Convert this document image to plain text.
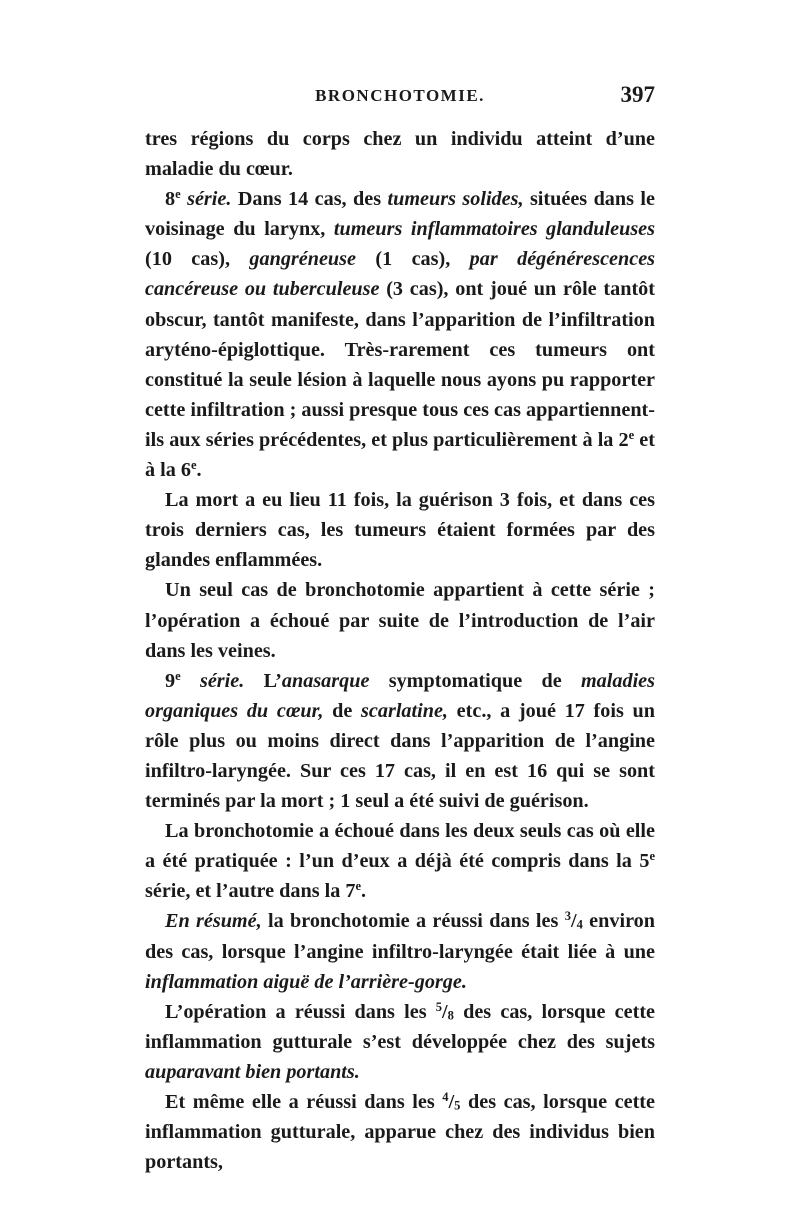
BRONCHOTOMIE.	397

tres régions du corps chez un individu atteint d’une maladie du cœur.

8e série. Dans 14 cas, des tumeurs solides, situées dans le voisinage du larynx, tumeurs inflammatoires glanduleuses (10 cas), gangréneuse (1 cas), par dégénérescences cancéreuse ou tuberculeuse (3 cas), ont joué un rôle tantôt obscur, tantôt manifeste, dans l’apparition de l’infiltration aryténo-épiglottique. Très-rarement ces tumeurs ont constitué la seule lésion à laquelle nous ayons pu rapporter cette infiltration ; aussi presque tous ces cas appartiennent-ils aux séries précédentes, et plus particulièrement à la 2e et à la 6e.

La mort a eu lieu 11 fois, la guérison 3 fois, et dans ces trois derniers cas, les tumeurs étaient formées par des glandes enflammées.

Un seul cas de bronchotomie appartient à cette série ; l’opération a échoué par suite de l’introduction de l’air dans les veines.

9e série. L’anasarque symptomatique de maladies organiques du cœur, de scarlatine, etc., a joué 17 fois un rôle plus ou moins direct dans l’apparition de l’angine infiltro-laryngée. Sur ces 17 cas, il en est 16 qui se sont terminés par la mort ; 1 seul a été suivi de guérison.

La bronchotomie a échoué dans les deux seuls cas où elle a été pratiquée : l’un d’eux a déjà été compris dans la 5e série, et l’autre dans la 7e.

En résumé, la bronchotomie a réussi dans les $^3/_4$ environ des cas, lorsque l’angine infiltro-laryngée était liée à une inflammation aiguë de l’arrière-gorge.

L’opération a réussi dans les $^5/_8$ des cas, lorsque cette inflammation gutturale s’est développée chez des sujets auparavant bien portants.

Et même elle a réussi dans les $^4/_5$ des cas, lorsque cette inflammation gutturale, apparue chez des individus bien portants,
